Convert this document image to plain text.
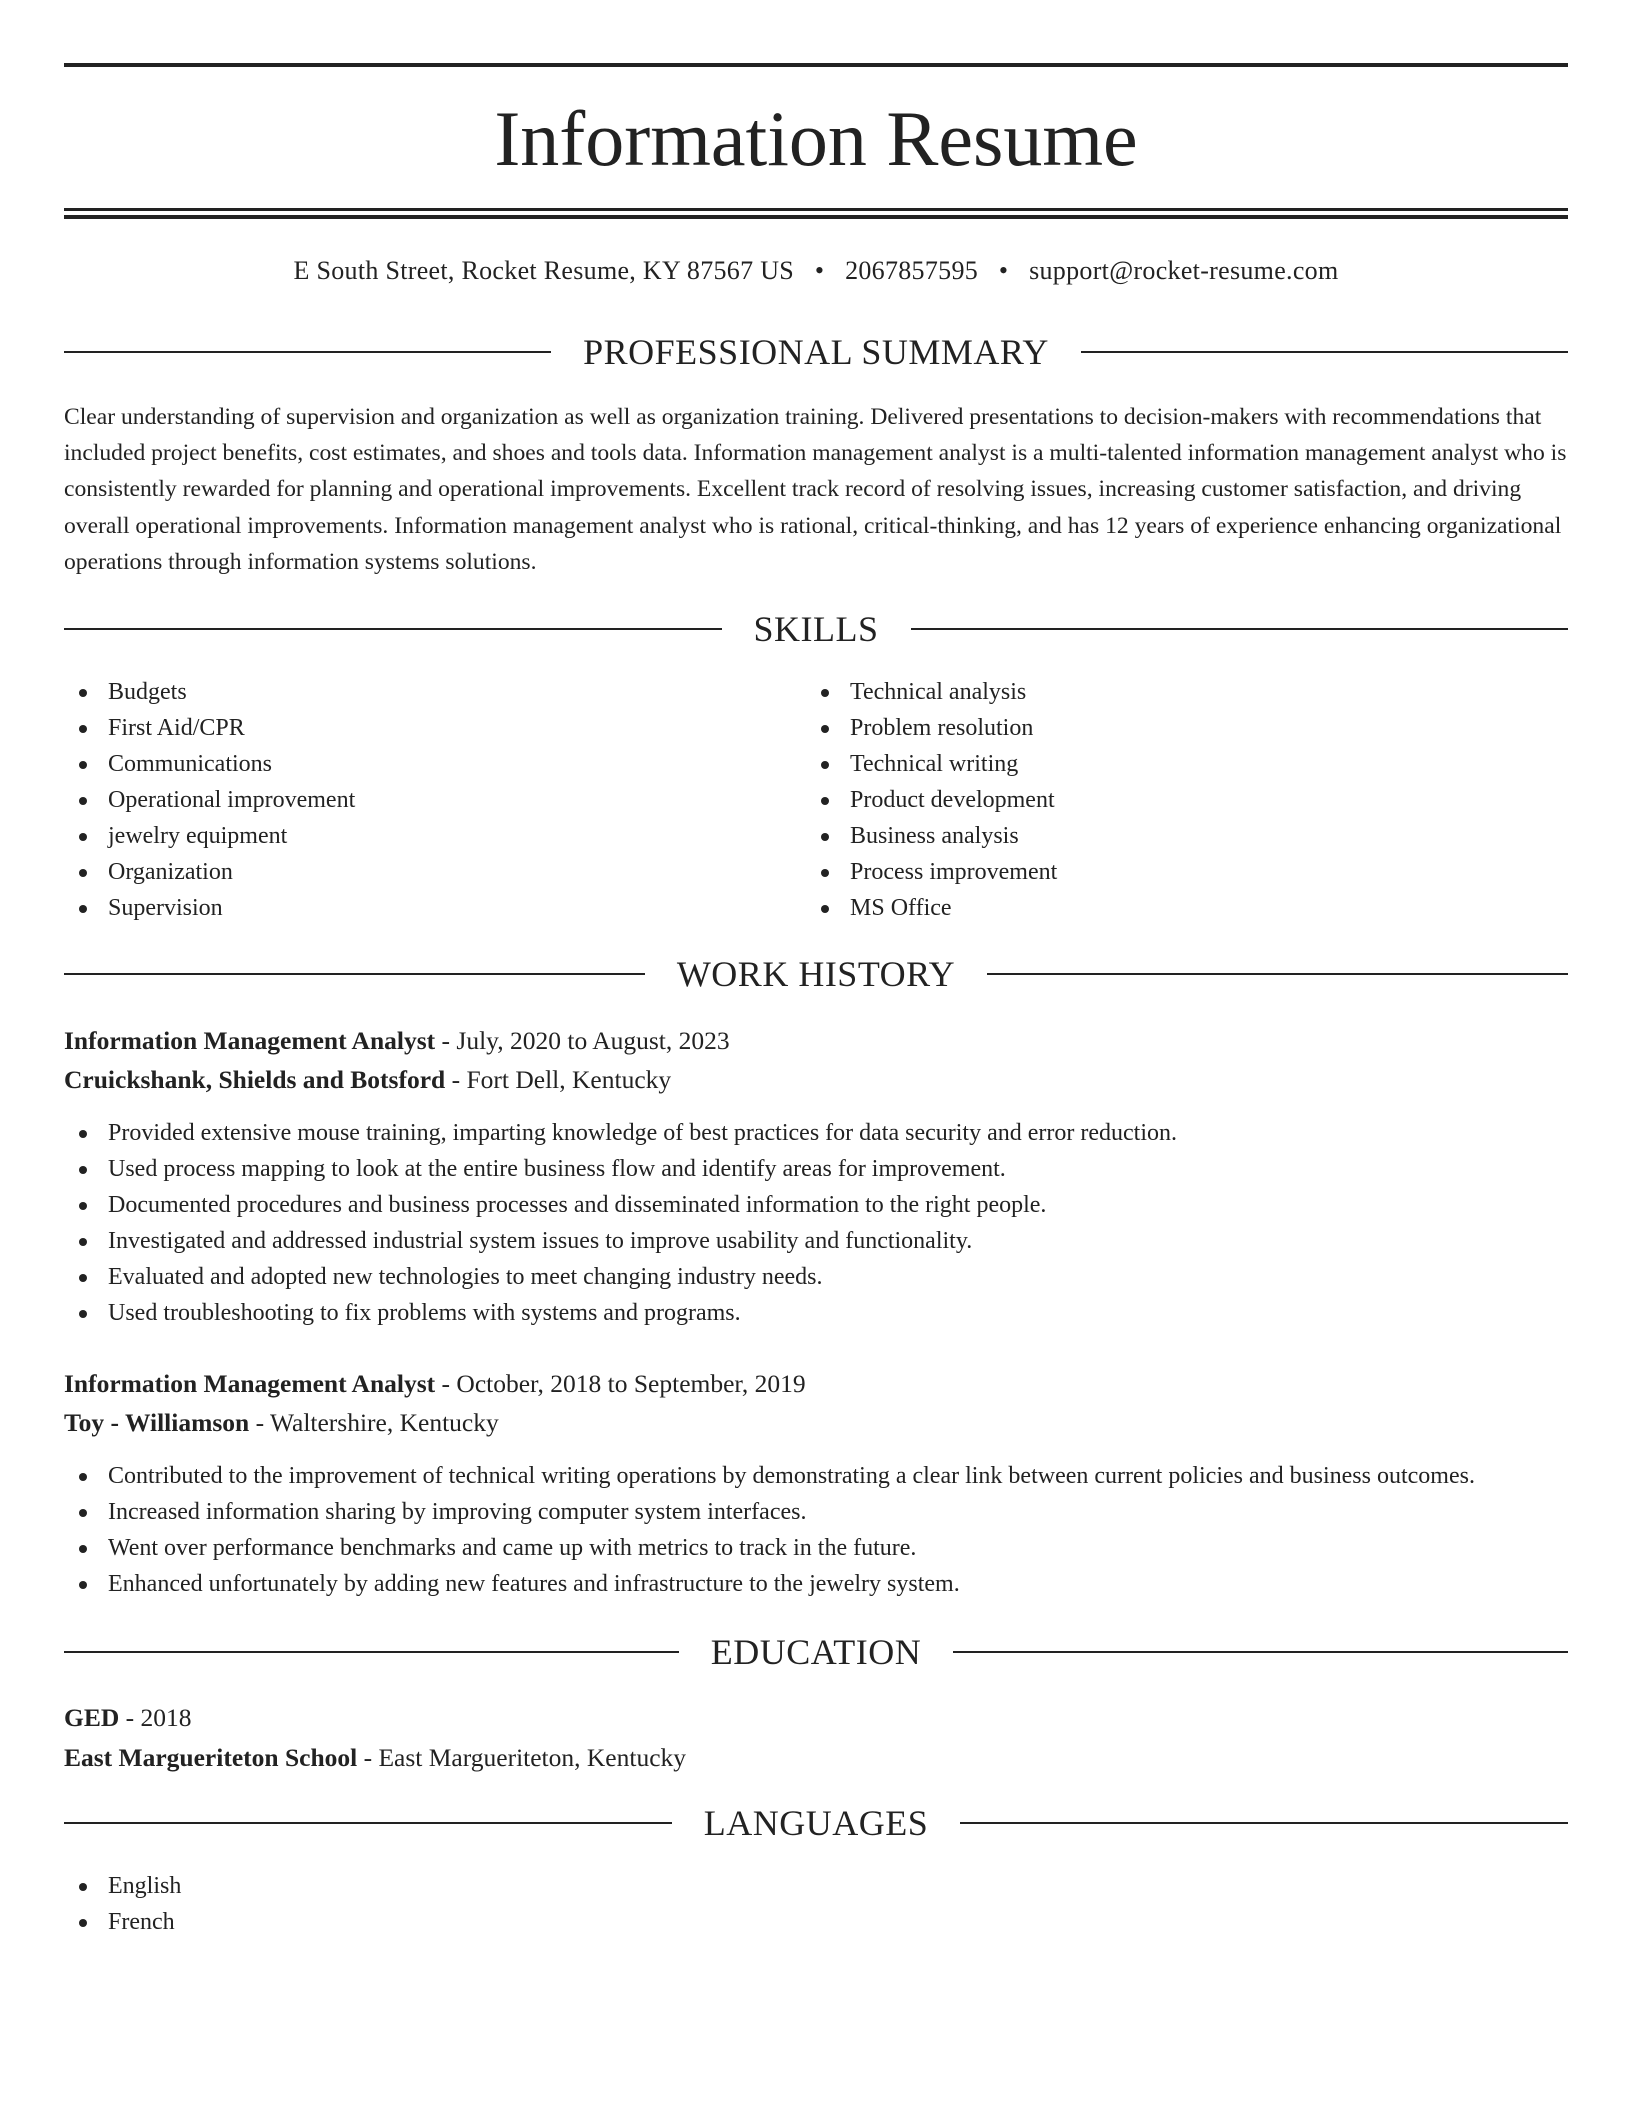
Information Resume
E South Street, Rocket Resume, KY 87567 US • 2067857595 • support@rocket-resume.com
PROFESSIONAL SUMMARY

Clear understanding of supervision and organization as well as organization training. Delivered presentations to decision-makers with recommendations that included project benefits, cost estimates, and shoes and tools data. Information management analyst is a multi-talented information management analyst who is consistently rewarded for planning and operational improvements. Excellent track record of resolving issues, increasing customer satisfaction, and driving overall operational improvements. Information management analyst who is rational, critical-thinking, and has 12 years of experience enhancing organizational operations through information systems solutions.

SKILLS
Budgets
First Aid/CPR
Communications
Operational improvement
jewelry equipment
Organization
Supervision
Technical analysis
Problem resolution
Technical writing
Product development
Business analysis
Process improvement
MS Office
WORK HISTORY
Information Management Analyst - July, 2020 to August, 2023
Cruickshank, Shields and Botsford - Fort Dell, Kentucky
Provided extensive mouse training, imparting knowledge of best practices for data security and error reduction.
Used process mapping to look at the entire business flow and identify areas for improvement.
Documented procedures and business processes and disseminated information to the right people.
Investigated and addressed industrial system issues to improve usability and functionality.
Evaluated and adopted new technologies to meet changing industry needs.
Used troubleshooting to fix problems with systems and programs.
Information Management Analyst - October, 2018 to September, 2019
Toy - Williamson - Waltershire, Kentucky
Contributed to the improvement of technical writing operations by demonstrating a clear link between current policies and business outcomes.
Increased information sharing by improving computer system interfaces.
Went over performance benchmarks and came up with metrics to track in the future.
Enhanced unfortunately by adding new features and infrastructure to the jewelry system.
EDUCATION
GED - 2018
East Margueriteton School - East Margueriteton, Kentucky
LANGUAGES
English
French
